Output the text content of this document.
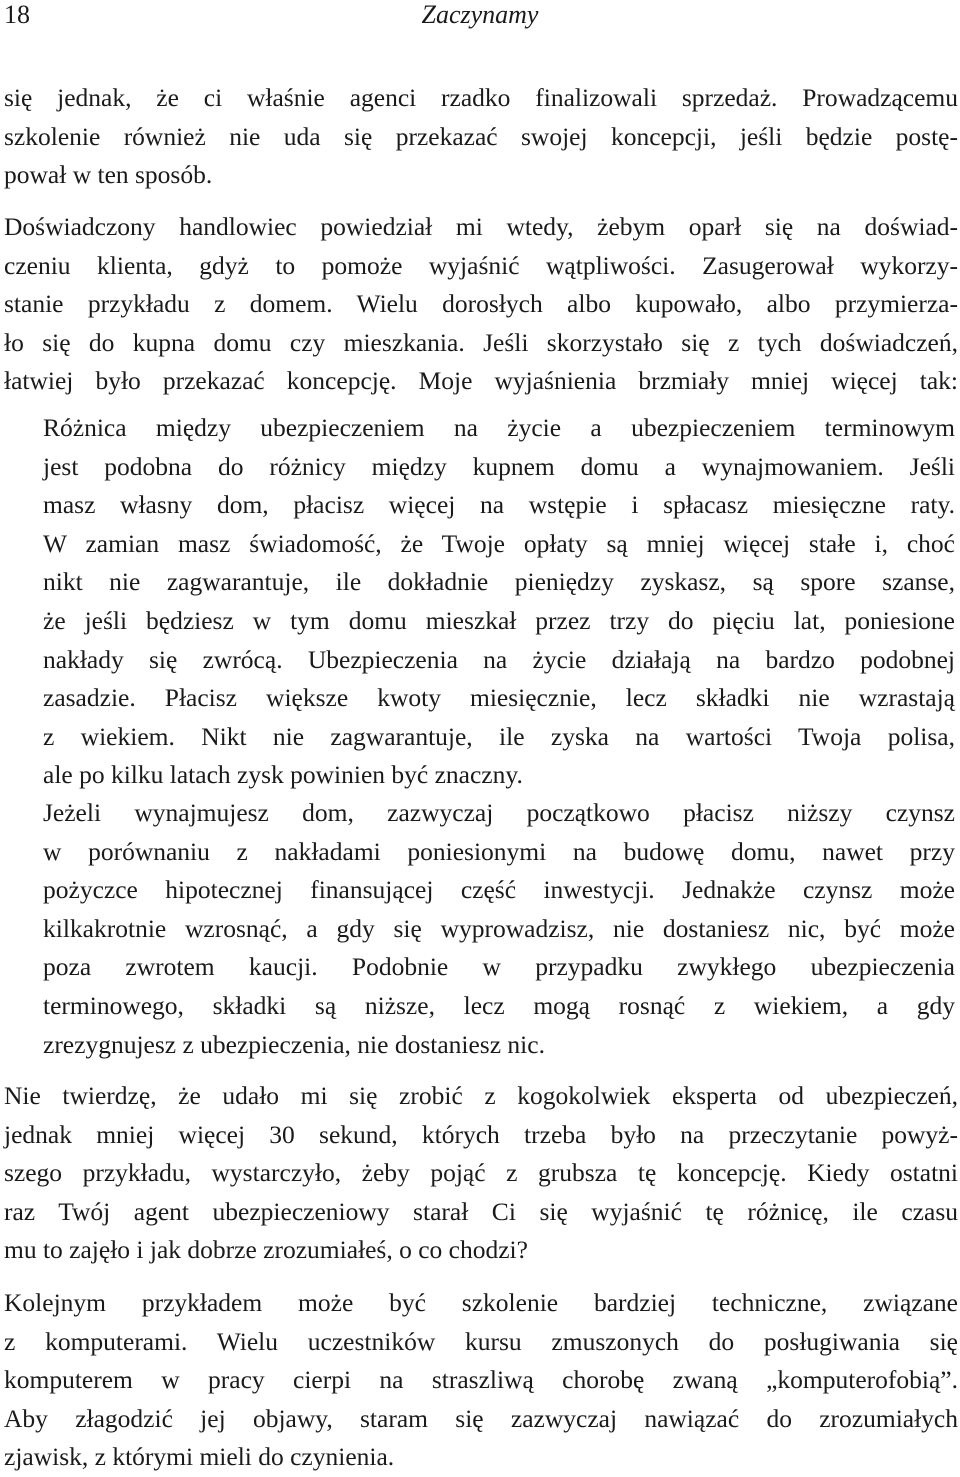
18	Zaczynamy
się jednak, że ci właśnie agenci rzadko finalizowali sprzedaż. Prowadzącemu
szkolenie również nie uda się przekazać swojej koncepcji, jeśli będzie postę-
pował w ten sposób.
Doświadczony handlowiec powiedział mi wtedy, żebym oparł się na doświad-
czeniu klienta, gdyż to pomoże wyjaśnić wątpliwości. Zasugerował wykorzy-
stanie przykładu z domem. Wielu dorosłych albo kupowało, albo przymierza-
ło się do kupna domu czy mieszkania. Jeśli skorzystało się z tych doświadczeń,
łatwiej było przekazać koncepcję. Moje wyjaśnienia brzmiały mniej więcej tak:
Różnica między ubezpieczeniem na życie a ubezpieczeniem terminowym
jest podobna do różnicy między kupnem domu a wynajmowaniem. Jeśli
masz własny dom, płacisz więcej na wstępie i spłacasz miesięczne raty.
W zamian masz świadomość, że Twoje opłaty są mniej więcej stałe i, choć
nikt nie zagwarantuje, ile dokładnie pieniędzy zyskasz, są spore szanse,
że jeśli będziesz w tym domu mieszkał przez trzy do pięciu lat, poniesione
nakłady się zwrócą. Ubezpieczenia na życie działają na bardzo podobnej
zasadzie. Płacisz większe kwoty miesięcznie, lecz składki nie wzrastają
z wiekiem. Nikt nie zagwarantuje, ile zyska na wartości Twoja polisa,
ale po kilku latach zysk powinien być znaczny.
Jeżeli wynajmujesz dom, zazwyczaj początkowo płacisz niższy czynsz
w porównaniu z nakładami poniesionymi na budowę domu, nawet przy
pożyczce hipotecznej finansującej część inwestycji. Jednakże czynsz może
kilkakrotnie wzrosnąć, a gdy się wyprowadzisz, nie dostaniesz nic, być może
poza zwrotem kaucji. Podobnie w przypadku zwykłego ubezpieczenia
terminowego, składki są niższe, lecz mogą rosnąć z wiekiem, a gdy
zrezygnujesz z ubezpieczenia, nie dostaniesz nic.
Nie twierdzę, że udało mi się zrobić z kogokolwiek eksperta od ubezpieczeń,
jednak mniej więcej 30 sekund, których trzeba było na przeczytanie powyż-
szego przykładu, wystarczyło, żeby pojąć z grubsza tę koncepcję. Kiedy ostatni
raz Twój agent ubezpieczeniowy starał Ci się wyjaśnić tę różnicę, ile czasu
mu to zajęło i jak dobrze zrozumiałeś, o co chodzi?
Kolejnym przykładem może być szkolenie bardziej techniczne, związane
z komputerami. Wielu uczestników kursu zmuszonych do posługiwania się
komputerem w pracy cierpi na straszliwą chorobę zwaną „komputerofobią”.
Aby złagodzić jej objawy, staram się zazwyczaj nawiązać do zrozumiałych
zjawisk, z którymi mieli do czynienia.
